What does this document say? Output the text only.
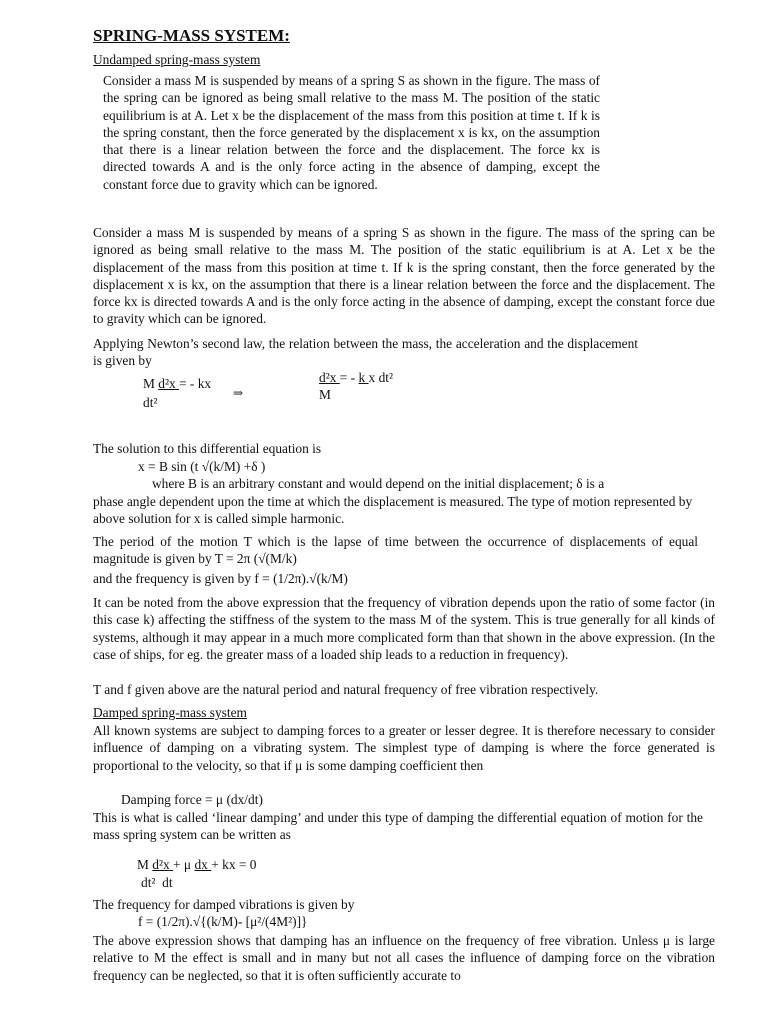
SPRING-MASS SYSTEM:
Undamped spring-mass system
Consider a mass M is suspended by means of a spring S as shown in the figure. The mass of the spring can be ignored as being small relative to the mass M. The position of the static equilibrium is at A. Let x be the displacement of the mass from this position at time t. If k is the spring constant, then the force generated by the displacement x is kx, on the assumption that there is a linear relation between the force and the displacement. The force kx is directed towards A and is the only force acting in the absence of damping, except the constant force due to gravity which can be ignored.
Consider a mass M is suspended by means of a spring S as shown in the figure. The mass of the spring can be ignored as being small relative to the mass M. The position of the static equilibrium is at A. Let x be the displacement of the mass from this position at time t. If k is the spring constant, then the force generated by the displacement x is kx, on the assumption that there is a linear relation between the force and the displacement. The force kx is directed towards A and is the only force acting in the absence of damping, except the constant force due to gravity which can be ignored.
Applying Newton’s second law, the relation between the mass, the acceleration and the displacement is given by
M d²x = - kx
dt²
⇒
d²x = - k x dt²
M
The solution to this differential equation is
x = B sin (t √(k/M) +δ )
where B is an arbitrary constant and would depend on the initial displacement; δ is a
phase angle dependent upon the time at which the displacement is measured. The type of motion represented by above solution for x is called simple harmonic.
The period of the motion T which is the lapse of time between the occurrence of displacements of equal magnitude is given by T = 2π (√(M/k)
and the frequency is given by f = (1/2π).√(k/M)
It can be noted from the above expression that the frequency of vibration depends upon the ratio of some factor (in this case k) affecting the stiffness of the system to the mass M of the system. This is true generally for all kinds of systems, although it may appear in a much more complicated form than that shown in the above expression. (In the case of ships, for eg. the greater mass of a loaded ship leads to a reduction in frequency).
T and f given above are the natural period and natural frequency of free vibration respectively.
Damped spring-mass system
All known systems are subject to damping forces to a greater or lesser degree. It is therefore necessary to consider influence of damping on a vibrating system. The simplest type of damping is where the force generated is proportional to the velocity, so that if μ is some damping coefficient then
Damping force = μ (dx/dt)
This is what is called ‘linear damping’ and under this type of damping the differential equation of motion for the mass spring system can be written as
M d²x + μ dx + kx = 0
dt²  dt
The frequency for damped vibrations is given by
f = (1/2π).√{(k/M)- [μ²/(4M²)]}
The above expression shows that damping has an influence on the frequency of free vibration. Unless μ is large relative to M the effect is small and in many but not all cases the influence of damping force on the vibration frequency can be neglected, so that it is often sufficiently accurate to
